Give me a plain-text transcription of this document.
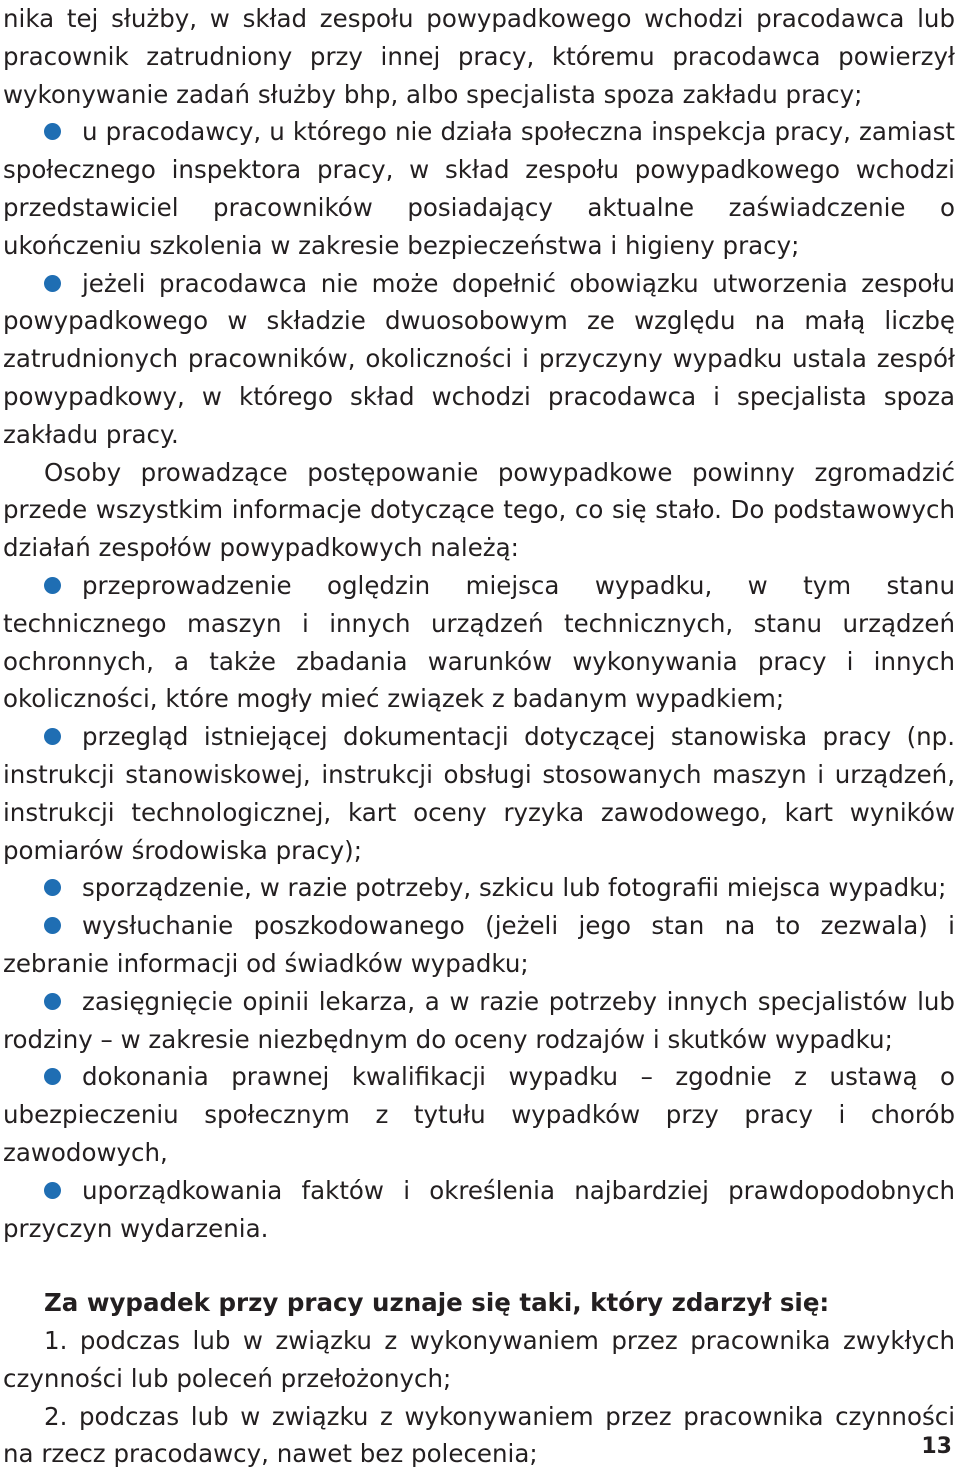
nika tej służby, w skład zespołu powypadkowego wchodzi pracodawca lub pracownik zatrudniony przy innej pracy, któremu pracodawca powierzył wykonywanie zadań służby bhp, albo specjalista spoza zakładu pracy;

u pracodawcy, u którego nie działa społeczna inspekcja pracy, zamiast społecznego inspektora pracy, w skład zespołu powypadkowego wchodzi przedstawiciel pracowników posiadający aktualne zaświadczenie o ukończeniu szkolenia w zakresie bezpieczeństwa i higieny pracy;

jeżeli pracodawca nie może dopełnić obowiązku utworzenia zespołu powypadkowego w składzie dwuosobowym ze względu na małą liczbę zatrudnionych pracowników, okoliczności i przyczyny wypadku ustala zespół powypadkowy, w którego skład wchodzi pracodawca i specjalista spoza zakładu pracy.

Osoby prowadzące postępowanie powypadkowe powinny zgromadzić przede wszystkim informacje dotyczące tego, co się stało. Do podstawowych działań zespołów powypadkowych należą:

przeprowadzenie oględzin miejsca wypadku, w tym stanu technicznego maszyn i innych urządzeń technicznych, stanu urządzeń ochronnych, a także zbadania warunków wykonywania pracy i innych okoliczności, które mogły mieć związek z badanym wypadkiem;

przegląd istniejącej dokumentacji dotyczącej stanowiska pracy (np. instrukcji stanowiskowej, instrukcji obsługi stosowanych maszyn i urządzeń, instrukcji technologicznej, kart oceny ryzyka zawodowego, kart wyników pomiarów środowiska pracy);

sporządzenie, w razie potrzeby, szkicu lub fotografii miejsca wypadku;

wysłuchanie poszkodowanego (jeżeli jego stan na to zezwala) i zebranie informacji od świadków wypadku;

zasięgnięcie opinii lekarza, a w razie potrzeby innych specjalistów lub rodziny – w zakresie niezbędnym do oceny rodzajów i skutków wypadku;

dokonania prawnej kwalifikacji wypadku – zgodnie z ustawą o ubezpieczeniu społecznym z tytułu wypadków przy pracy i chorób zawodowych,

uporządkowania faktów i określenia najbardziej prawdopodobnych przyczyn wydarzenia.

Za wypadek przy pracy uznaje się taki, który zdarzył się:

1. podczas lub w związku z wykonywaniem przez pracownika zwykłych czynności lub poleceń przełożonych;

2. podczas lub w związku z wykonywaniem przez pracownika czynności na rzecz pracodawcy, nawet bez polecenia;	13
